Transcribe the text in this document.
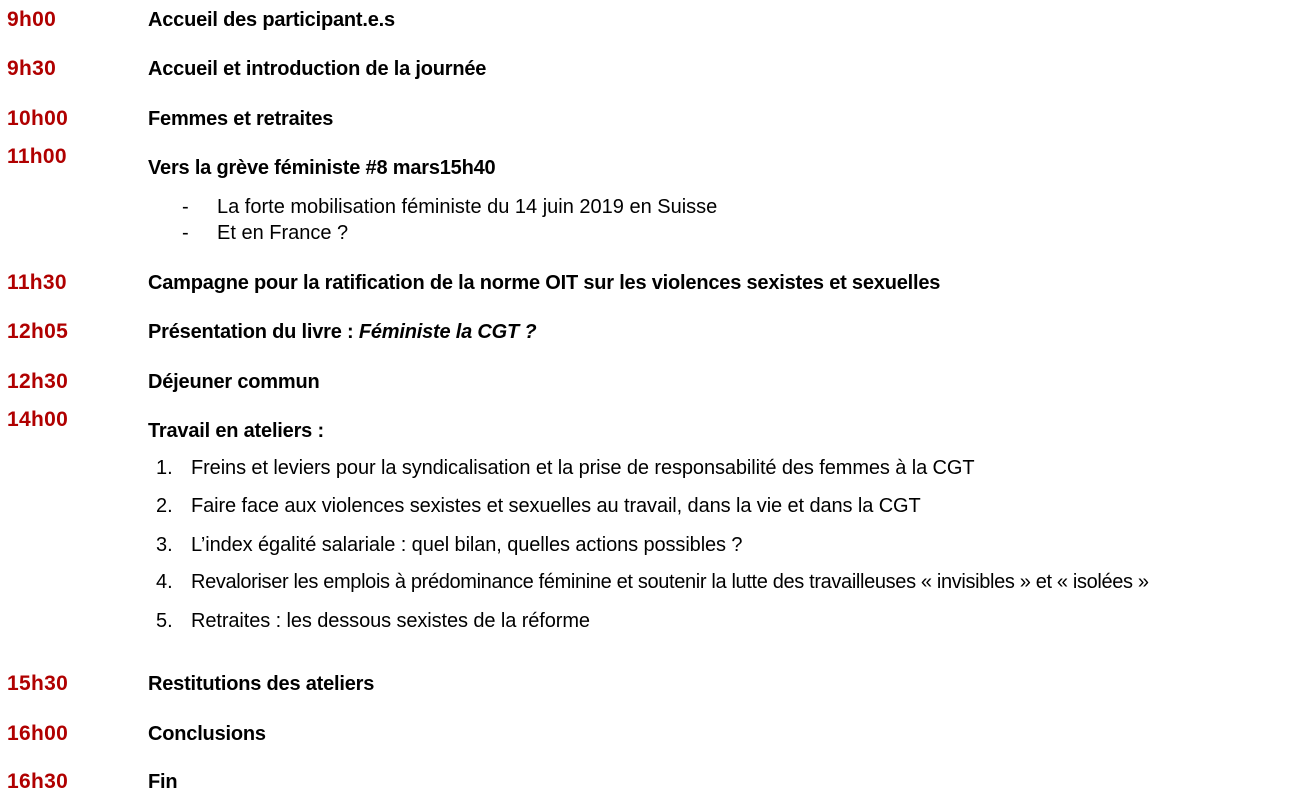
9h00	Accueil des participant.e.s
9h30	Accueil et introduction de la journée
10h00	Femmes et retraites
11h00	Vers la grève féministe #8 mars15h40
- La forte mobilisation féministe du 14 juin 2019 en Suisse
- Et en France ?
11h30	Campagne pour la ratification de la norme OIT sur les violences sexistes et sexuelles
12h05	Présentation du livre : Féministe la CGT ?
12h30	Déjeuner commun
14h00	Travail en ateliers :
1. Freins et leviers pour la syndicalisation et la prise de responsabilité des femmes à la CGT
2. Faire face aux violences sexistes et sexuelles au travail, dans la vie et dans la CGT
3. L’index égalité salariale : quel bilan, quelles actions possibles ?
4. Revaloriser les emplois à prédominance féminine et soutenir la lutte des travailleuses « invisibles » et « isolées »
5. Retraites : les dessous sexistes de la réforme
15h30	Restitutions des ateliers
16h00	Conclusions
16h30	Fin
